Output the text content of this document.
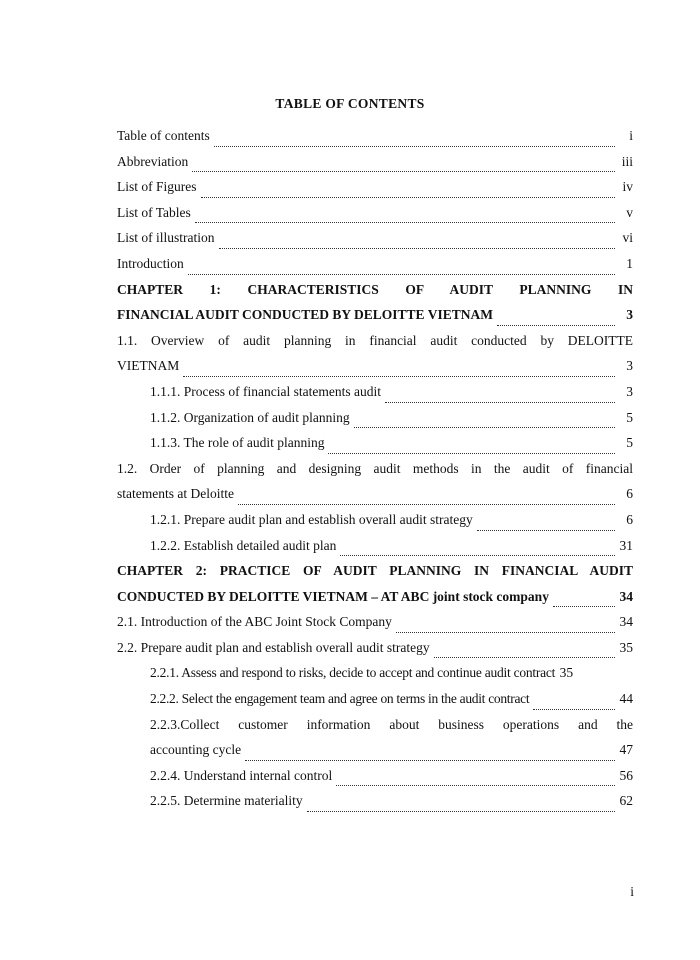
TABLE OF CONTENTS
Table of contents	i
Abbreviation	iii
List of Figures	iv
List of Tables	v
List of illustration	vi
Introduction	1
CHAPTER 1: CHARACTERISTICS OF AUDIT PLANNING IN
FINANCIAL AUDIT CONDUCTED BY DELOITTE VIETNAM	3
1.1. Overview of audit planning in financial audit conducted by DELOITTE
VIETNAM	3
1.1.1. Process of financial statements audit	3
1.1.2. Organization of audit planning	5
1.1.3. The role of audit planning	5
1.2. Order of planning and designing audit methods in the audit of financial
statements at Deloitte	6
1.2.1. Prepare audit plan and establish overall audit strategy	6
1.2.2. Establish detailed audit plan	31
CHAPTER 2: PRACTICE OF AUDIT PLANNING IN FINANCIAL AUDIT
CONDUCTED BY DELOITTE VIETNAM – AT ABC joint stock company	34
2.1. Introduction of the ABC Joint Stock Company	34
2.2. Prepare audit plan and establish overall audit strategy	35
2.2.1. Assess and respond to risks, decide to accept and continue audit contract 35
2.2.2. Select the engagement team and agree on terms in the audit contract	44
2.2.3.Collect customer information about business operations and the
accounting cycle	47
2.2.4. Understand internal control	56
2.2.5. Determine materiality	62
i
